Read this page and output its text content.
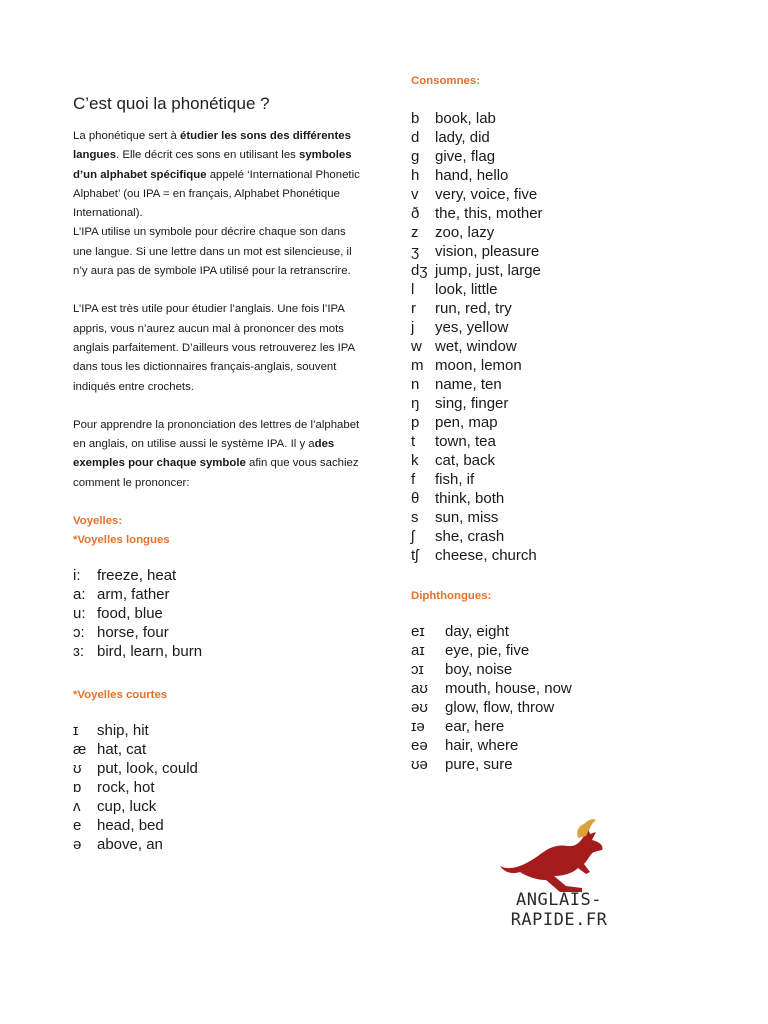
C’est quoi la phonétique ?

La phonétique sert à étudier les sons des différentes langues. Elle décrit ces sons en utilisant les symboles d’un alphabet spécifique appelé ‘International Phonetic Alphabet’ (ou IPA = en français, Alphabet Phonétique International).
L’IPA utilise un symbole pour décrire chaque son dans une langue. Si une lettre dans un mot est silencieuse, il n’y aura pas de symbole IPA utilisé pour la retranscrire.

L’IPA est très utile pour étudier l’anglais. Une fois l’IPA appris, vous n’aurez aucun mal à prononcer des mots anglais parfaitement. D’ailleurs vous retrouverez les IPA dans tous les dictionnaires français-anglais, souvent indiqués entre crochets.

Pour apprendre la prononciation des lettres de l’alphabet en anglais, on utilise aussi le système IPA. Il y ades exemples pour chaque symbole afin que vous sachiez comment le prononcer:

Voyelles:

*Voyelles longues

i: freeze, heat
a: arm, father
u: food, blue
ɔ: horse, four
ɜ: bird, learn, burn

*Voyelles courtes

ɪ ship, hit
æ hat, cat
ʊ put, look, could
ɒ rock, hot
ʌ cup, luck
e head, bed
ə above, an

Consomnes:

b book, lab
d lady, did
g give, flag
h hand, hello
v very, voice, five
ð the, this, mother
z zoo, lazy
ʒ vision, pleasure
dʒ jump, just, large
l look, little
r run, red, try
j yes, yellow
w wet, window
m moon, lemon
n name, ten
ŋ sing, finger
p pen, map
t town, tea
k cat, back
f fish, if
θ think, both
s sun, miss
ʃ she, crash
tʃ cheese, church

Diphthongues:

eɪ day, eight
aɪ eye, pie, five
ɔɪ boy, noise
aʊ mouth, house, now
əʊ glow, flow, throw
ɪə ear, here
eə hair, where
ʊə pure, sure
ANGLAIS-RAPIDE.FR
